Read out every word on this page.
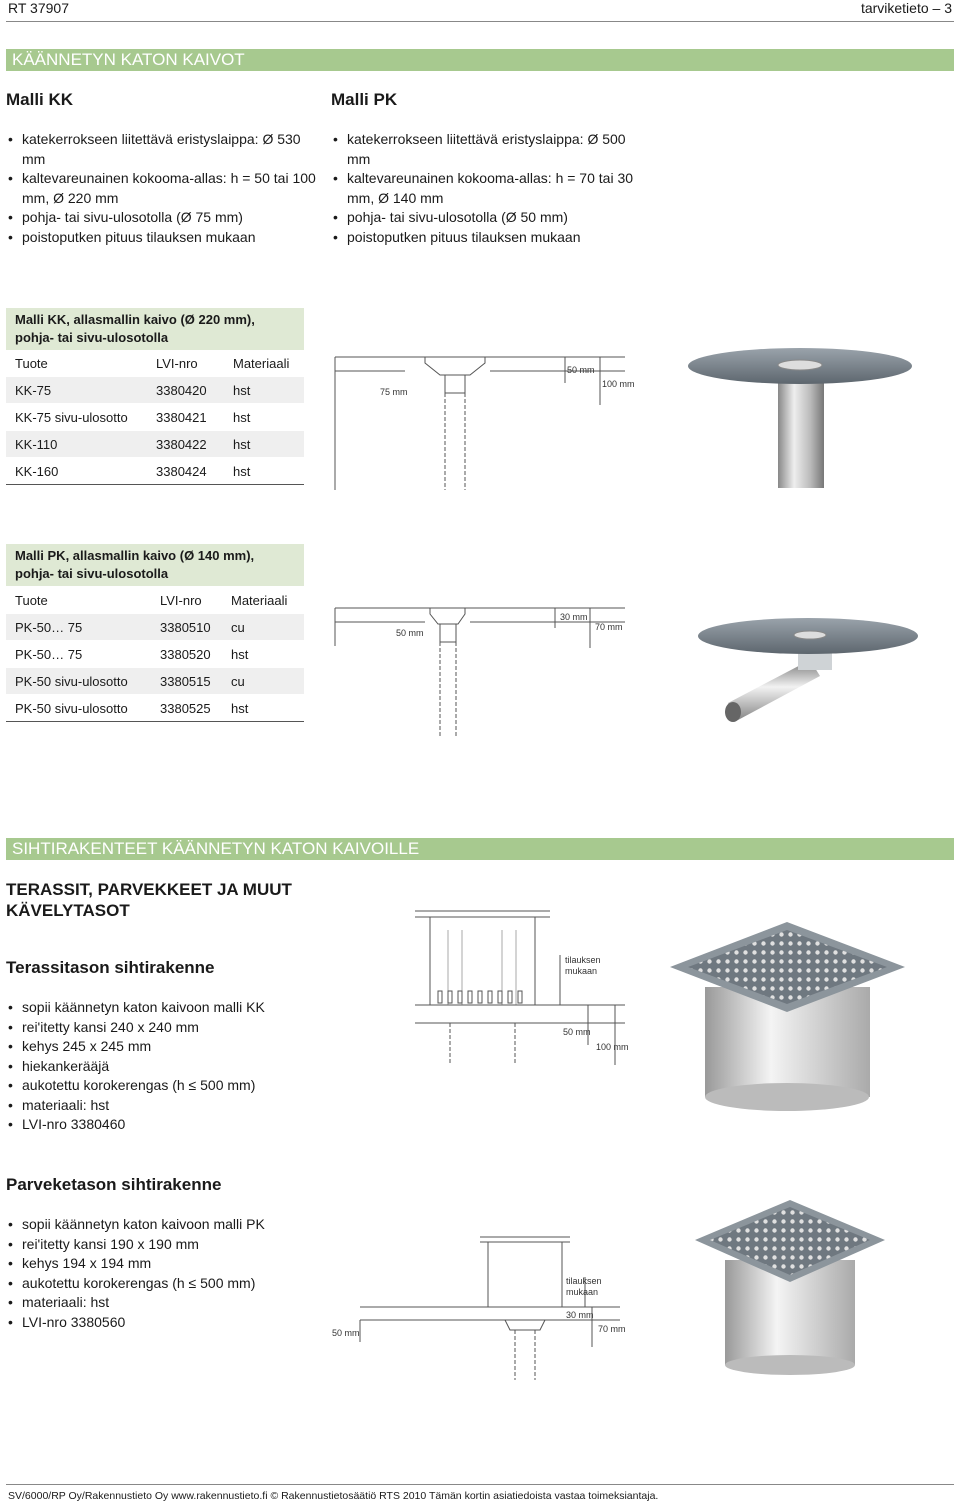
RT 37907	tarviketieto – 3
KÄÄNNETYN KATON KAIVOT
Malli KK
• katekerrokseen liitettävä eristyslaippa: Ø 530 mm
• kaltevareunainen kokooma-allas: h = 50 tai 100 mm, Ø 220 mm
• pohja- tai sivu-ulosotolla (Ø 75 mm)
• poistoputken pituus tilauksen mukaan
Malli PK
• katekerrokseen liitettävä eristyslaippa: Ø 500 mm
• kaltevareunainen kokooma-allas: h = 70 tai 30 mm, Ø 140 mm
• pohja- tai sivu-ulosotolla (Ø 50 mm)
• poistoputken pituus tilauksen mukaan
Malli KK, allasmallin kaivo (Ø 220 mm),
pohja- tai sivu-ulosotolla
Tuote	LVI-nro	Materiaali
KK-75	3380420	hst
KK-75 sivu-ulosotto	3380421	hst
KK-110	3380422	hst
KK-160	3380424	hst
75 mm
50 mm
100 mm
Malli PK, allasmallin kaivo (Ø 140 mm),
pohja- tai sivu-ulosotolla
Tuote	LVI-nro	Materiaali
PK-50… 75	3380510	cu
PK-50… 75	3380520	hst
PK-50 sivu-ulosotto	3380515	cu
PK-50 sivu-ulosotto	3380525	hst
50 mm
30 mm
70 mm
SIHTIRAKENTEET KÄÄNNETYN KATON KAIVOILLE
TERASSIT, PARVEKKEET JA MUUT
KÄVELYTASOT
Terassitason sihtirakenne
• sopii käännetyn katon kaivoon malli KK
• rei'itetty kansi 240 x 240 mm
• kehys 245 x 245 mm
• hiekankerääjä
• aukotettu korokerengas (h ≤ 500 mm)
• materiaali: hst
• LVI-nro 3380460
tilauksen
mukaan
50 mm
100 mm
Parveketason sihtirakenne
• sopii käännetyn katon kaivoon malli PK
• rei'itetty kansi 190 x 190 mm
• kehys 194 x 194 mm
• aukotettu korokerengas (h ≤ 500 mm)
• materiaali: hst
• LVI-nro 3380560
tilauksen
mukaan
30 mm
70 mm
50 mm
SV/6000/RP Oy/Rakennustieto Oy www.rakennustieto.fi © Rakennustietosäätiö RTS 2010 Tämän kortin asiatiedoista vastaa toimeksiantaja.
